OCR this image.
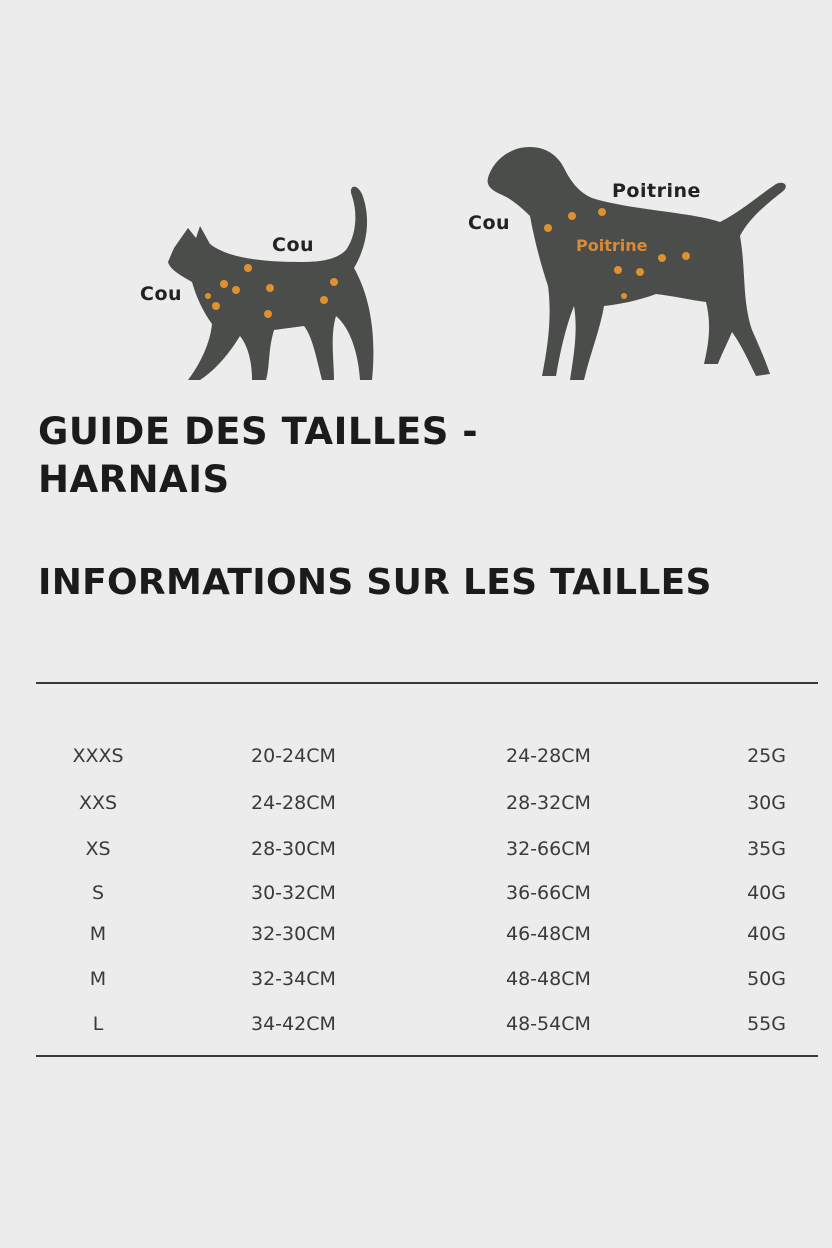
Cou
Cou
Cou
Poitrine
Poitrine
GUIDE DES TAILLES -
HARNAIS
INFORMATIONS SUR LES TAILLES
XXXS	20-24CM	24-28CM	25G
XXS	24-28CM	28-32CM	30G
XS	28-30CM	32-66CM	35G
S	30-32CM	36-66CM	40G
M	32-30CM	46-48CM	40G
M	32-34CM	48-48CM	50G
L	34-42CM	48-54CM	55G
